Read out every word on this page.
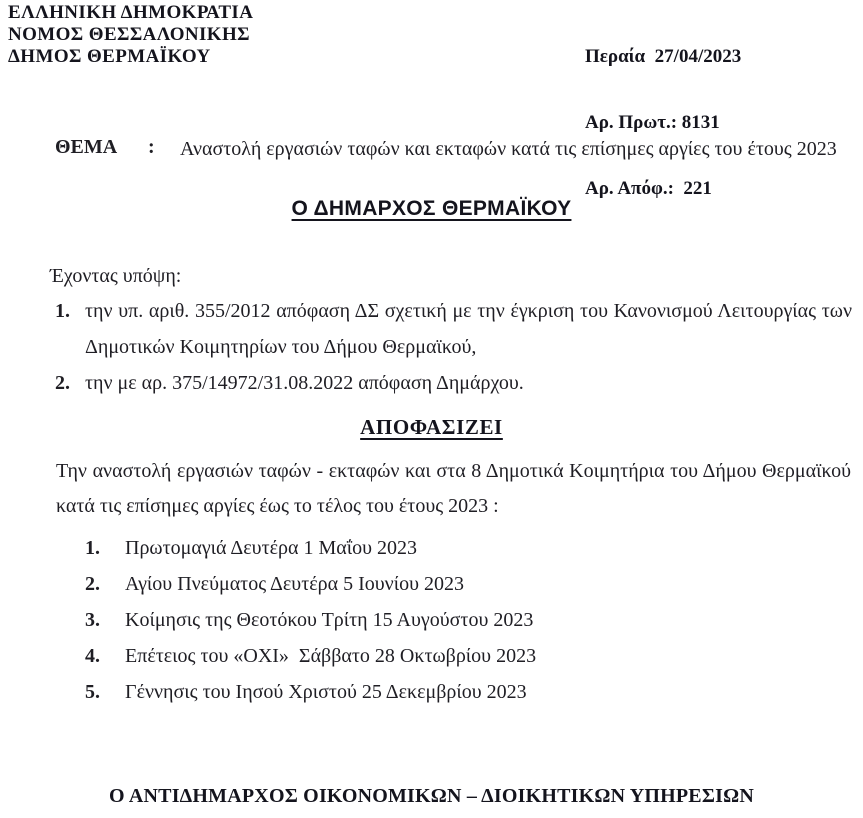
ΕΛΛΗΝΙΚΗ ΔΗΜΟΚΡΑΤΙΑ
ΝΟΜΟΣ ΘΕΣΣΑΛΟΝΙΚΗΣ
ΔΗΜΟΣ ΘΕΡΜΑΪΚΟΥ

	Περαία  27/04/2023

Αρ. Πρωτ.: 8131

Αρ. Απόφ.:  221

ΘΕΜΑ	:	Αναστολή εργασιών ταφών και εκταφών κατά τις επίσημες αργίες του έτους 2023
Ο ΔΗΜΑΡΧΟΣ ΘΕΡΜΑΪΚΟΥ
Έχοντας υπόψη:
1. την υπ. αριθ. 355/2012 απόφαση ΔΣ σχετική με την έγκριση του Κανονισμού Λειτουργίας των Δημοτικών Κοιμητηρίων του Δήμου Θερμαϊκού,
2. την με αρ. 375/14972/31.08.2022 απόφαση Δημάρχου.
ΑΠΟΦΑΣΙΖΕΙ
Την αναστολή εργασιών ταφών - εκταφών και στα 8 Δημοτικά Κοιμητήρια του Δήμου Θερμαϊκού κατά τις επίσημες αργίες έως το τέλος του έτους 2023 :
1.	Πρωτομαγιά Δευτέρα 1 Μαΐου 2023
2.	Αγίου Πνεύματος Δευτέρα 5 Ιουνίου 2023
3.	Κοίμησις της Θεοτόκου Τρίτη 15 Αυγούστου 2023
4.	Επέτειος του «ΟΧΙ»  Σάββατο 28 Οκτωβρίου 2023
5.	Γέννησις του Ιησού Χριστού 25 Δεκεμβρίου 2023
Ο ΑΝΤΙΔΗΜΑΡΧΟΣ ΟΙΚΟΝΟΜΙΚΩΝ – ΔΙΟΙΚΗΤΙΚΩΝ ΥΠΗΡΕΣΙΩΝ
